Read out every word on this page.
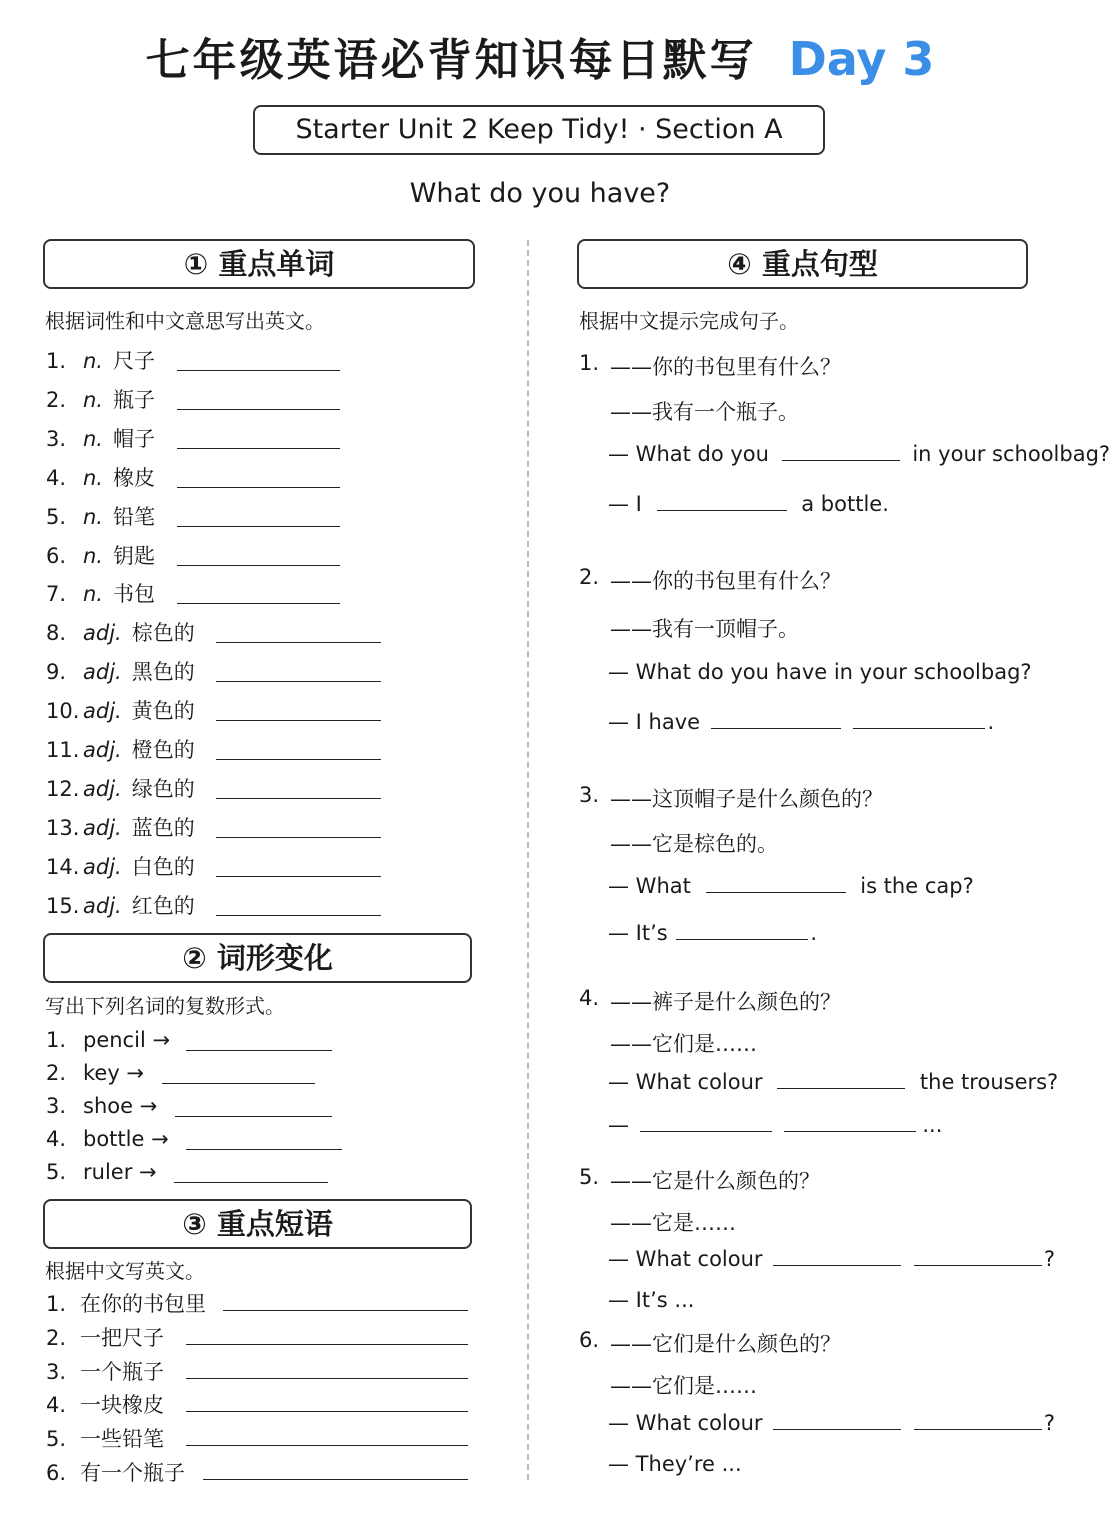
七年级英语必背知识每日默写 Day 3
Starter Unit 2 Keep Tidy! · Section A
What do you have?
① 重点单词
根据词性和中文意思写出英文。
1. n. 尺子
2. n. 瓶子
3. n. 帽子
4. n. 橡皮
5. n. 铅笔
6. n. 钥匙
7. n. 书包
8. adj. 棕色的
9. adj. 黑色的
10. adj. 黄色的
11. adj. 橙色的
12. adj. 绿色的
13. adj. 蓝色的
14. adj. 白色的
15. adj. 红色的
② 词形变化
写出下列名词的复数形式。
1. pencil →
2. key →
3. shoe →
4. bottle →
5. ruler →
③ 重点短语
根据中文写英文。
1. 在你的书包里
2. 一把尺子
3. 一个瓶子
4. 一块橡皮
5. 一些铅笔
6. 有一个瓶子
④ 重点句型
根据中文提示完成句子。
1. ——你的书包里有什么？
——我有一个瓶子。
— What do you	in your schoolbag?
— I	a bottle.
2. ——你的书包里有什么？
——我有一顶帽子。
— What do you have in your schoolbag?
— I have	.
3. ——这顶帽子是什么颜色的？
——它是棕色的。
— What	is the cap?
— It’s	.
4. ——裤子是什么颜色的？
——它们是……
— What colour	the trousers?
—	...
5. ——它是什么颜色的？
——它是……
— What colour	?
— It’s ...
6. ——它们是什么颜色的？
——它们是……
— What colour	?
— They’re ...
